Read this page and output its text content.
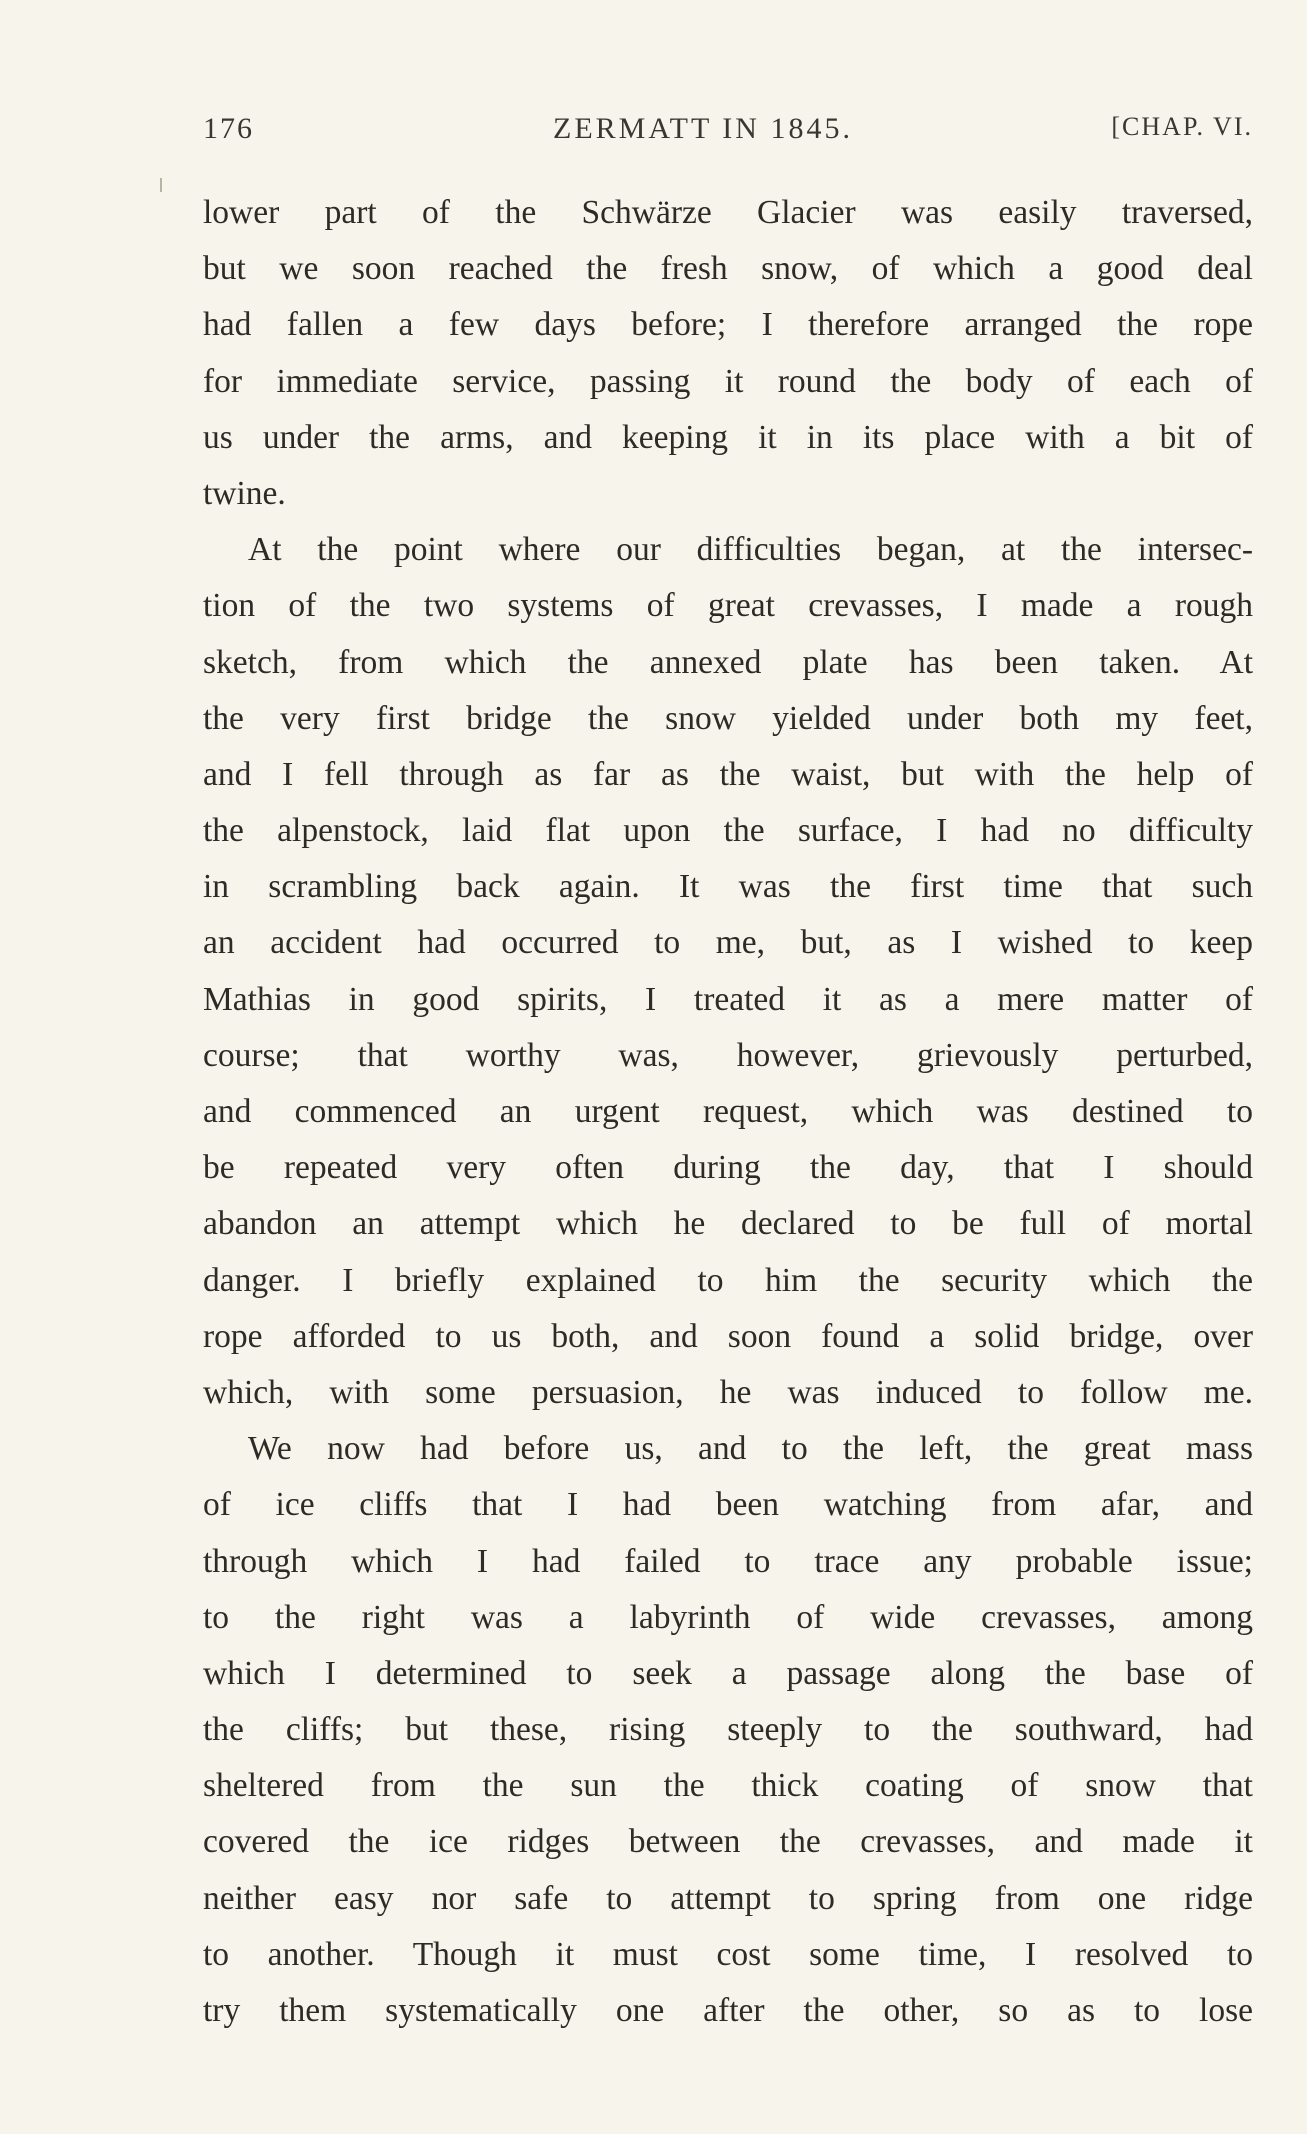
176	ZERMATT IN 1845.	[CHAP. VI.
lower part of the Schwärze Glacier was easily traversed,
but we soon reached the fresh snow, of which a good deal
had fallen a few days before; I therefore arranged the rope
for immediate service, passing it round the body of each of
us under the arms, and keeping it in its place with a bit of
twine.
At the point where our difficulties began, at the intersec-
tion of the two systems of great crevasses, I made a rough
sketch, from which the annexed plate has been taken. At
the very first bridge the snow yielded under both my feet,
and I fell through as far as the waist, but with the help of
the alpenstock, laid flat upon the surface, I had no difficulty
in scrambling back again. It was the first time that such
an accident had occurred to me, but, as I wished to keep
Mathias in good spirits, I treated it as a mere matter of
course; that worthy was, however, grievously perturbed,
and commenced an urgent request, which was destined to
be repeated very often during the day, that I should
abandon an attempt which he declared to be full of mortal
danger. I briefly explained to him the security which the
rope afforded to us both, and soon found a solid bridge, over
which, with some persuasion, he was induced to follow me.
We now had before us, and to the left, the great mass
of ice cliffs that I had been watching from afar, and
through which I had failed to trace any probable issue;
to the right was a labyrinth of wide crevasses, among
which I determined to seek a passage along the base of
the cliffs; but these, rising steeply to the southward, had
sheltered from the sun the thick coating of snow that
covered the ice ridges between the crevasses, and made it
neither easy nor safe to attempt to spring from one ridge
to another. Though it must cost some time, I resolved to
try them systematically one after the other, so as to lose
